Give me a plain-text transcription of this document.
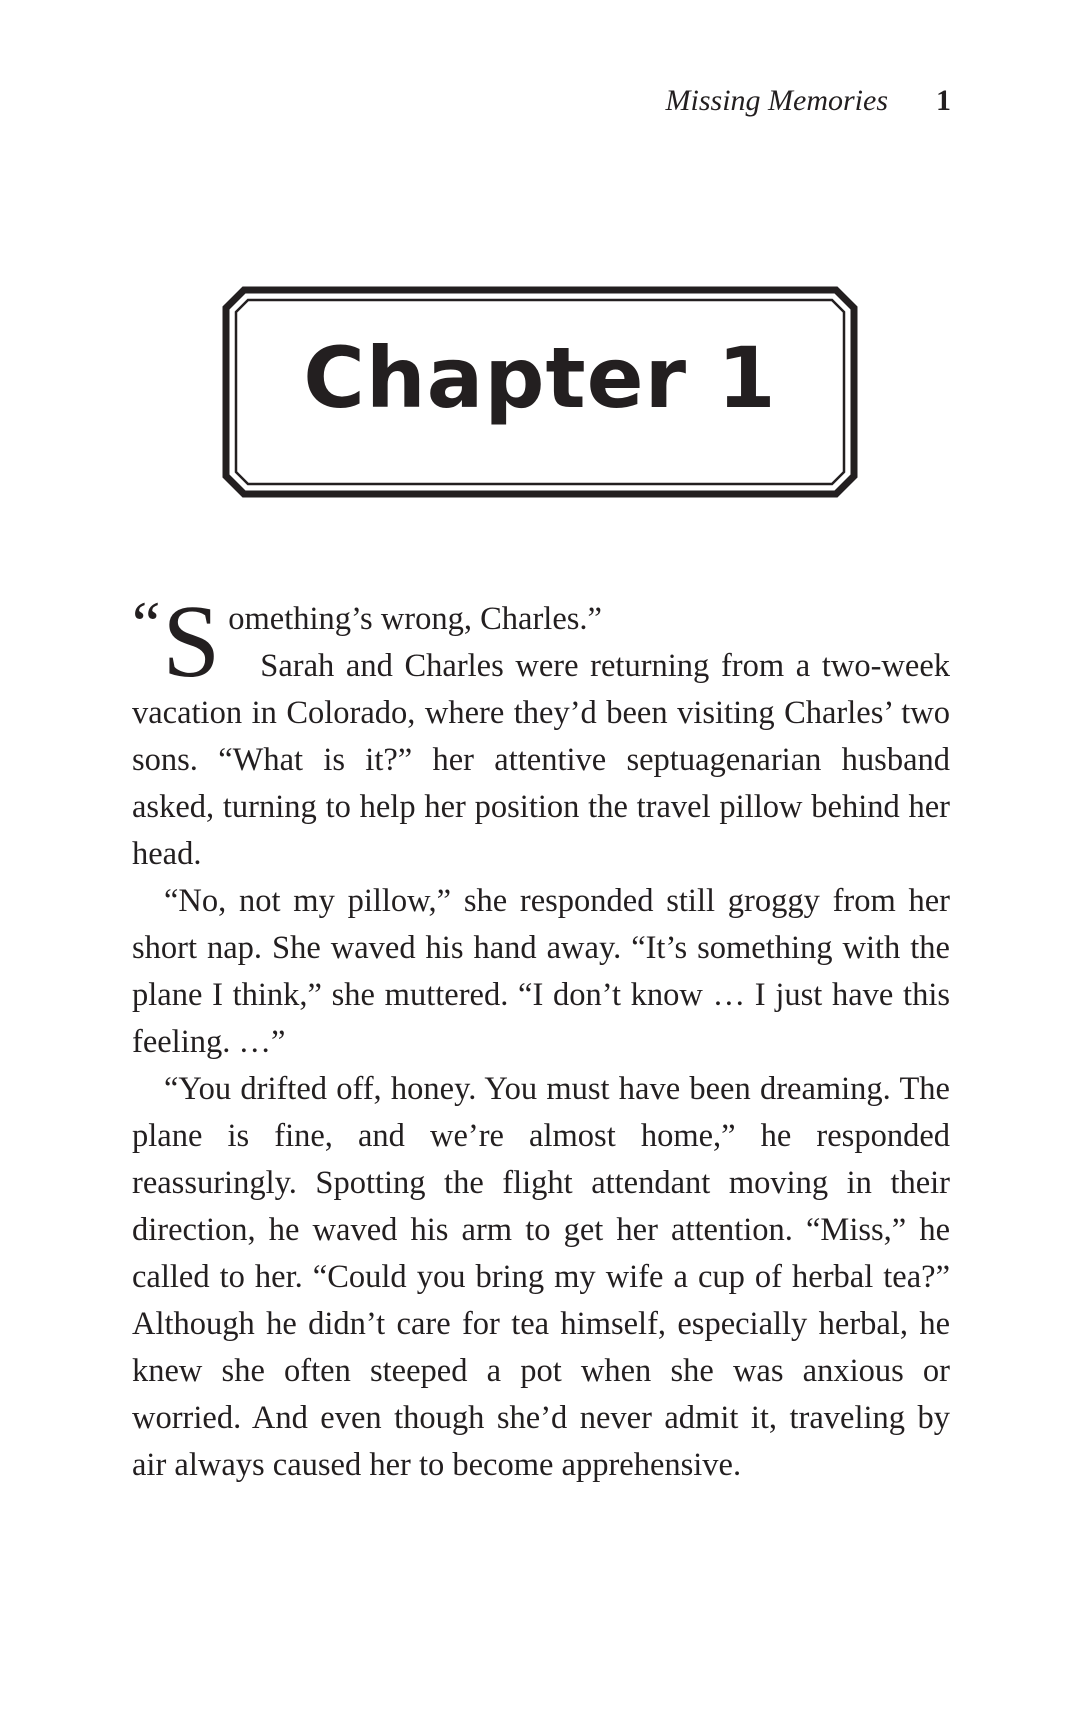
Missing Memories 1
Chapter 1

“ S omething’s wrong, Charles.”

Sarah and Charles were returning from a two-week vacation in Colorado, where they’d been visiting Charles’ two sons. “What is it?” her attentive septuagenarian husband asked, turning to help her position the travel pillow behind her head.

“No, not my pillow,” she responded still groggy from her short nap. She waved his hand away. “It’s something with the plane I think,” she muttered. “I don’t know … I just have this feeling. …”

“You drifted off, honey. You must have been dreaming. The plane is fine, and we’re almost home,” he responded reassuringly. Spotting the flight attendant moving in their direction, he waved his arm to get her attention. “Miss,” he called to her. “Could you bring my wife a cup of herbal tea?” Although he didn’t care for tea himself, especially herbal, he knew she often steeped a pot when she was anxious or worried. And even though she’d never admit it, traveling by air always caused her to become apprehensive.
